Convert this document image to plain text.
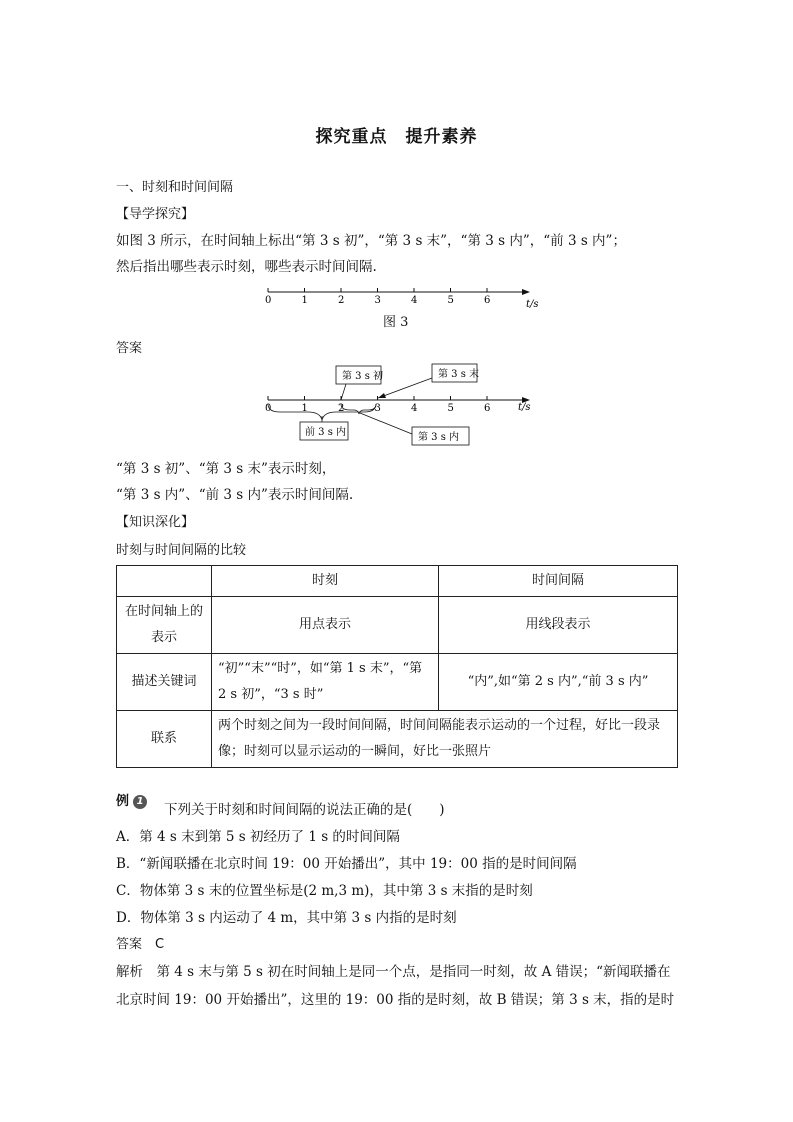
探究重点　提升素养
一、时刻和时间间隔
【导学探究】
如图 3 所示，在时间轴上标出“第 3 s 初”，“第 3 s 末”，“第 3 s 内”，“前 3 s 内”；
然后指出哪些表示时刻，哪些表示时间间隔.
0	1	2	3	4	5	6	t/s
图 3
答案
0	1	2	3	4	5	6	t/s
第 3 s 初	第 3 s 末
前 3 s 内	第 3 s 内
“第 3 s 初”、“第 3 s 末”表示时刻，
“第 3 s 内”、“前 3 s 内”表示时间间隔.
【知识深化】
时刻与时间间隔的比较
	时刻	时间间隔
在时间轴上的表示	用点表示	用线段表示
描述关键词	“初”“末”“时”，如“第 1 s 末”，“第 2 s 初”，“3 s 时”	“内”,如“第 2 s 内”,“前 3 s 内”
联系	两个时刻之间为一段时间间隔，时间间隔能表示运动的一个过程，好比一段录像；时刻可以显示运动的一瞬间，好比一张照片	
例 1
下列关于时刻和时间间隔的说法正确的是(　　)
A．第 4 s 末到第 5 s 初经历了 1 s 的时间间隔
B．“新闻联播在北京时间 19：00 开始播出”，其中 19：00 指的是时间间隔
C．物体第 3 s 末的位置坐标是(2 m,3 m)，其中第 3 s 末指的是时刻
D．物体第 3 s 内运动了 4 m，其中第 3 s 内指的是时刻
答案　C
解析　第 4 s 末与第 5 s 初在时间轴上是同一个点，是指同一时刻，故 A 错误；“新闻联播在
北京时间 19：00 开始播出”，这里的 19：00 指的是时刻，故 B 错误；第 3 s 末，指的是时
